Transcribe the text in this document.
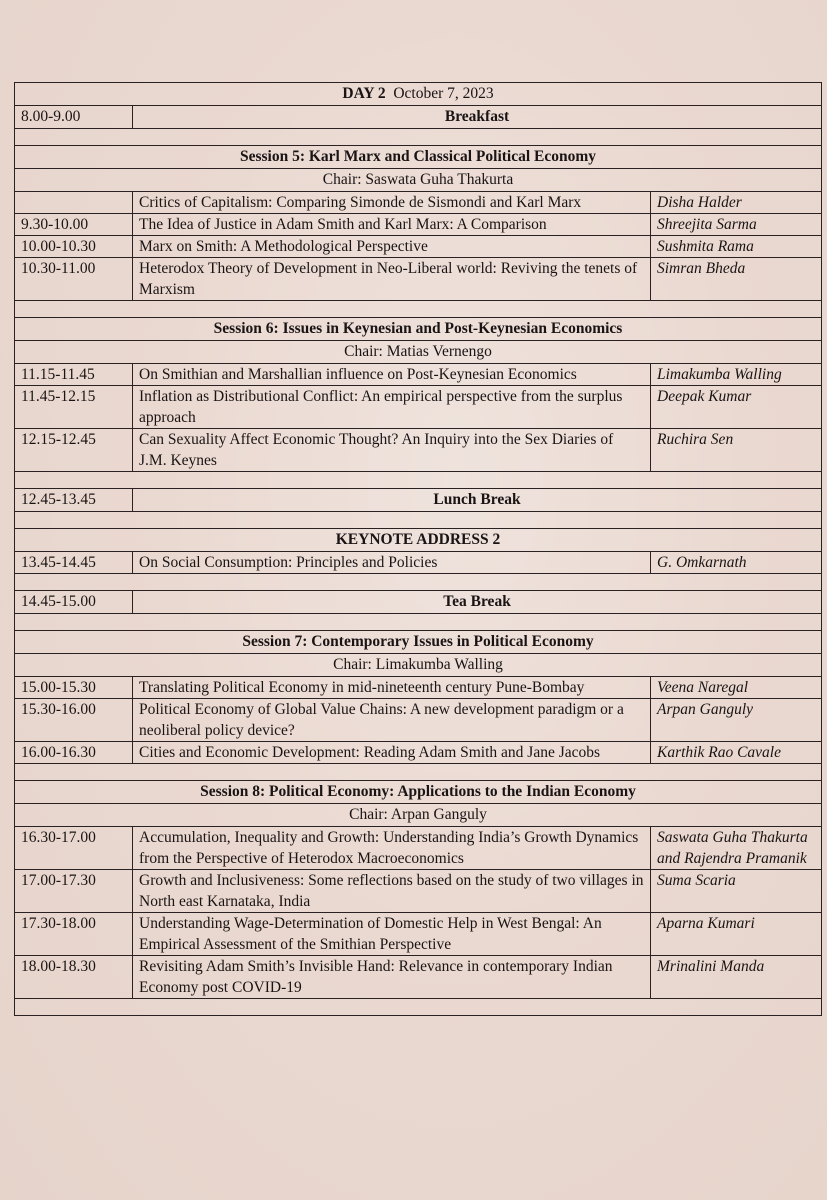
DAY 2 October 7, 2023		
8.00-9.00	Breakfast	

Session 5: Karl Marx and Classical Political Economy		
Chair: Saswata Guha Thakurta		
	Critics of Capitalism: Comparing Simonde de Sismondi and Karl Marx	Disha Halder
9.30-10.00	The Idea of Justice in Adam Smith and Karl Marx: A Comparison	Shreejita Sarma
10.00-10.30	Marx on Smith: A Methodological Perspective	Sushmita Rama
10.30-11.00	Heterodox Theory of Development in Neo-Liberal world: Reviving the tenets of Marxism	Simran Bheda

Session 6: Issues in Keynesian and Post-Keynesian Economics		
Chair: Matias Vernengo		
11.15-11.45	On Smithian and Marshallian influence on Post-Keynesian Economics	Limakumba Walling
11.45-12.15	Inflation as Distributional Conflict: An empirical perspective from the surplus approach	Deepak Kumar
12.15-12.45	Can Sexuality Affect Economic Thought? An Inquiry into the Sex Diaries of J.M. Keynes	Ruchira Sen

12.45-13.45	Lunch Break	

KEYNOTE ADDRESS 2		
13.45-14.45	On Social Consumption: Principles and Policies	G. Omkarnath

14.45-15.00	Tea Break	

Session 7: Contemporary Issues in Political Economy		
Chair: Limakumba Walling		
15.00-15.30	Translating Political Economy in mid-nineteenth century Pune-Bombay	Veena Naregal
15.30-16.00	Political Economy of Global Value Chains: A new development paradigm or a neoliberal policy device?	Arpan Ganguly
16.00-16.30	Cities and Economic Development: Reading Adam Smith and Jane Jacobs	Karthik Rao Cavale

Session 8: Political Economy: Applications to the Indian Economy		
Chair: Arpan Ganguly		
16.30-17.00	Accumulation, Inequality and Growth: Understanding India’s Growth Dynamics from the Perspective of Heterodox Macroeconomics	Saswata Guha Thakurta and Rajendra Pramanik
17.00-17.30	Growth and Inclusiveness: Some reflections based on the study of two villages in North east Karnataka, India	Suma Scaria
17.30-18.00	Understanding Wage-Determination of Domestic Help in West Bengal: An Empirical Assessment of the Smithian Perspective	Aparna Kumari
18.00-18.30	Revisiting Adam Smith’s Invisible Hand: Relevance in contemporary Indian Economy post COVID-19	Mrinalini Manda
